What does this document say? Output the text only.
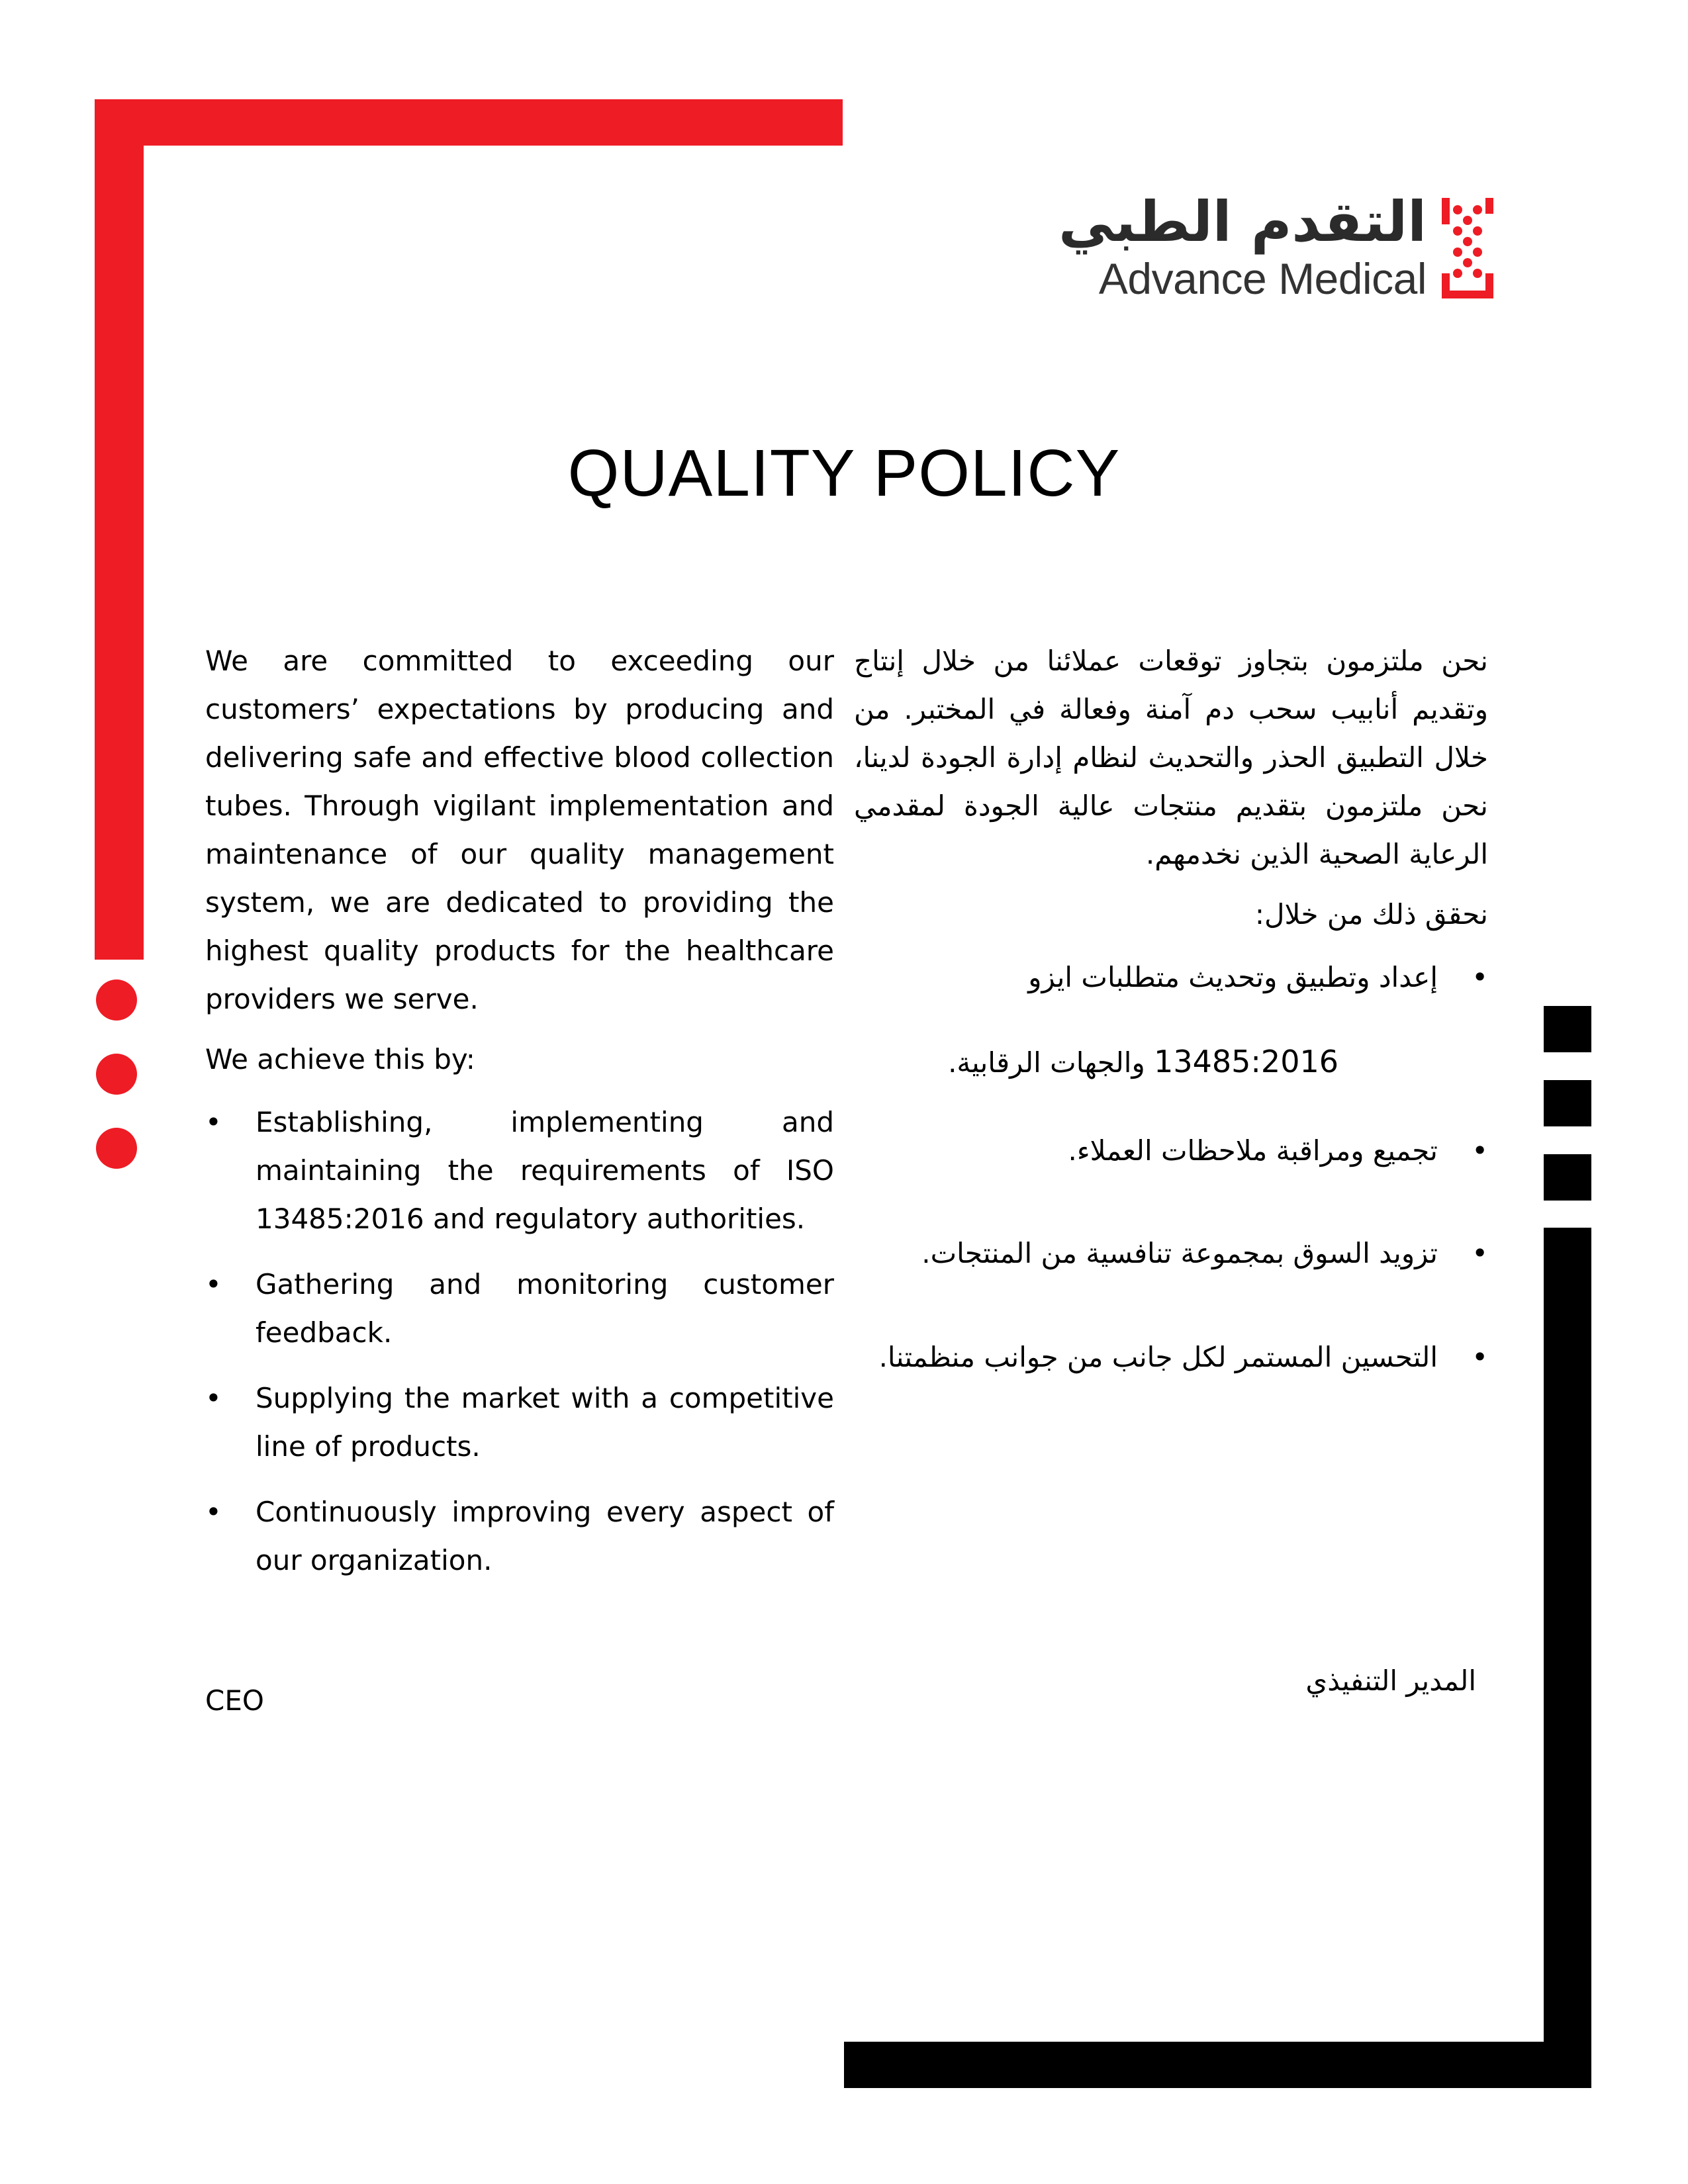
التقدم الطبي
Advance Medical
QUALITY POLICY

We are committed to exceeding our customers’ expectations by producing and delivering safe and effective blood collection tubes. Through vigilant implementation and maintenance of our quality management system, we are dedicated to providing the highest quality products for the healthcare providers we serve.

We achieve this by:

• Establishing, implementing and maintaining the requirements of ISO 13485:2016 and regulatory authorities.
• Gathering and monitoring customer feedback.
• Supplying the market with a competitive line of products.
• Continuously improving every aspect of our organization.
CEO

نحن ملتزمون بتجاوز توقعات عملائنا من خلال إنتاج وتقديم أنابيب سحب دم آمنة وفعالة في المختبر. من خلال التطبيق الحذر والتحديث لنظام إدارة الجودة لدينا، نحن ملتزمون بتقديم منتجات عالية الجودة لمقدمي الرعاية الصحية الذين نخدمهم.

نحقق ذلك من خلال:

•
إعداد وتطبيق وتحديث متطلبات ايزو
13485:2016 والجهات الرقابية.
•
تجميع ومراقبة ملاحظات العملاء.
•
تزويد السوق بمجموعة تنافسية من المنتجات.
•
التحسين المستمر لكل جانب من جوانب منظمتنا.
المدير التنفيذي
